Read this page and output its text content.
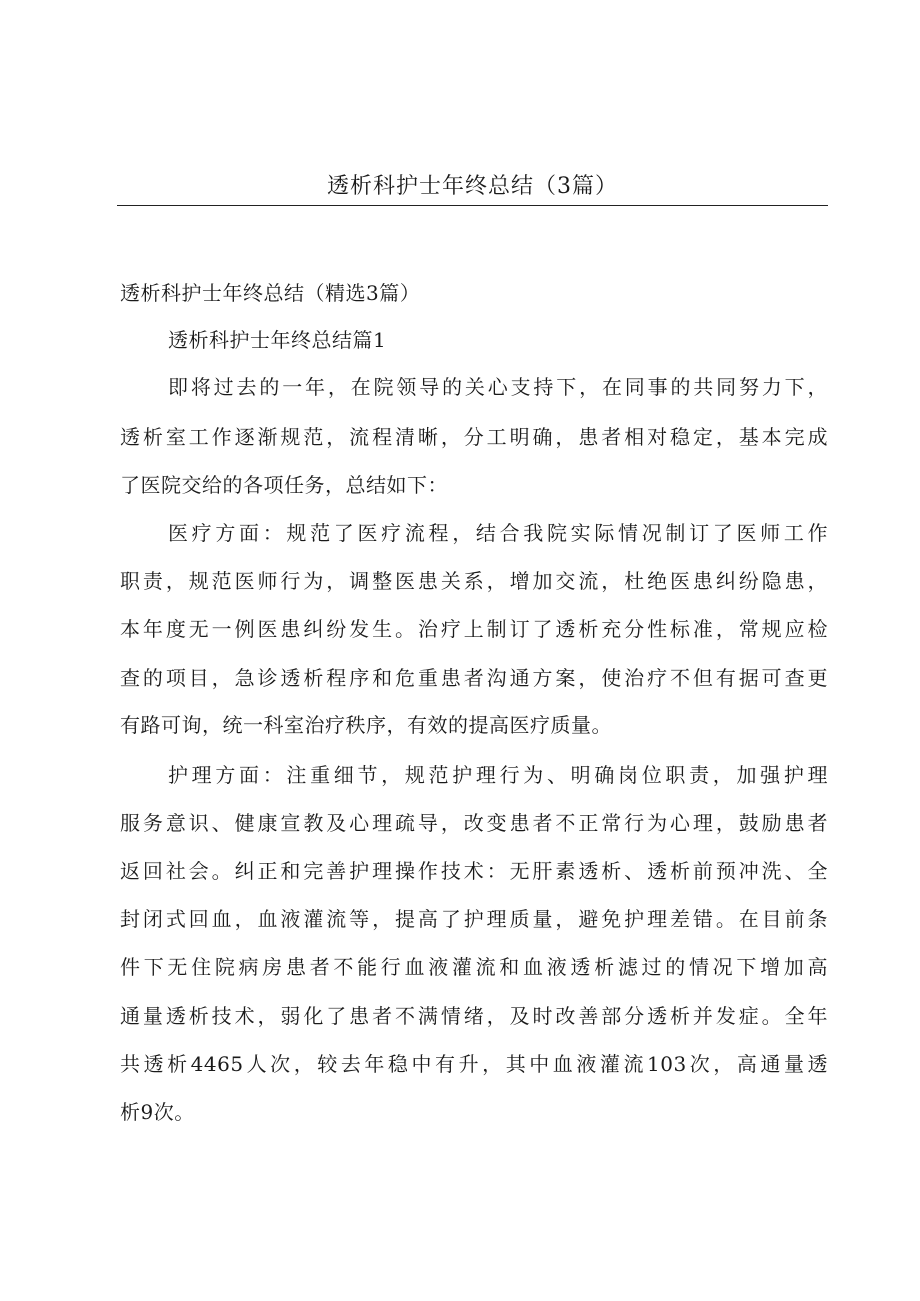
透析科护士年终总结（3篇）
透析科护士年终总结（精选3篇）
透析科护士年终总结篇1
即将过去的一年，在院领导的关心支持下，在同事的共同努力下，
透析室工作逐渐规范，流程清晰，分工明确，患者相对稳定，基本完成
了医院交给的各项任务，总结如下：
医疗方面：规范了医疗流程，结合我院实际情况制订了医师工作
职责，规范医师行为，调整医患关系，增加交流，杜绝医患纠纷隐患，
本年度无一例医患纠纷发生。治疗上制订了透析充分性标准，常规应检
查的项目，急诊透析程序和危重患者沟通方案，使治疗不但有据可查更
有路可询，统一科室治疗秩序，有效的提高医疗质量。
护理方面：注重细节，规范护理行为、明确岗位职责，加强护理
服务意识、健康宣教及心理疏导，改变患者不正常行为心理，鼓励患者
返回社会。纠正和完善护理操作技术：无肝素透析、透析前预冲洗、全
封闭式回血，血液灌流等，提高了护理质量，避免护理差错。在目前条
件下无住院病房患者不能行血液灌流和血液透析滤过的情况下增加高
通量透析技术，弱化了患者不满情绪，及时改善部分透析并发症。全年
共透析4465人次，较去年稳中有升，其中血液灌流103次，高通量透
析9次。
